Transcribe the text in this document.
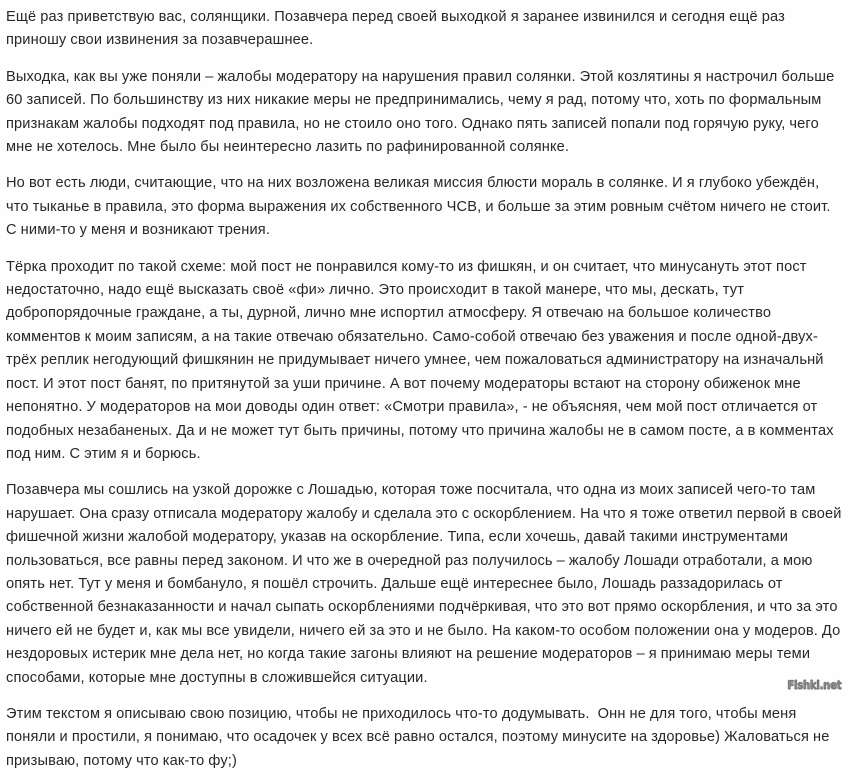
Ещё раз приветствую вас, солянщики. Позавчера перед своей выходкой я заранее извинился и сегодня ещё раз приношу свои извинения за позавчерашнее.

Выходка, как вы уже поняли – жалобы модератору на нарушения правил солянки. Этой козлятины я настрочил больше 60 записей. По большинству из них никакие меры не предпринимались, чему я рад, потому что, хоть по формальным признакам жалобы подходят под правила, но не стоило оно того. Однако пять записей попали под горячую руку, чего мне не хотелось. Мне было бы неинтересно лазить по рафинированной солянке.

Но вот есть люди, считающие, что на них возложена великая миссия блюсти мораль в солянке. И я глубоко убеждён, что тыканье в правила, это форма выражения их собственного ЧСВ, и больше за этим ровным счётом ничего не стоит. С ними-то у меня и возникают трения.

Тёрка проходит по такой схеме: мой пост не понравился кому-то из фишкян, и он считает, что минусануть этот пост недостаточно, надо ещё высказать своё «фи» лично. Это происходит в такой манере, что мы, дескать, тут добропорядочные граждане, а ты, дурной, лично мне испортил атмосферу. Я отвечаю на большое количество комментов к моим записям, а на такие отвечаю обязательно. Само-собой отвечаю без уважения и после одной-двух-трёх реплик негодующий фишкянин не придумывает ничего умнее, чем пожаловаться администратору на изначальнй пост. И этот пост банят, по притянутой за уши причине. А вот почему модераторы встают на сторону обиженок мне непонятно. У модераторов на мои доводы один ответ: «Смотри правила», - не объясняя, чем мой пост отличается от подобных незабаненых. Да и не может тут быть причины, потому что причина жалобы не в самом посте, а в комментах под ним. С этим я и борюсь.

Позавчера мы сошлись на узкой дорожке с Лошадью, которая тоже посчитала, что одна из моих записей чего-то там нарушает. Она сразу отписала модератору жалобу и сделала это с оскорблением. На что я тоже ответил первой в своей фишечной жизни жалобой модератору, указав на оскорбление. Типа, если хочешь, давай такими инструментами пользоваться, все равны перед законом. И что же в очередной раз получилось – жалобу Лошади отработали, а мою опять нет. Тут у меня и бомбануло, я пошёл строчить. Дальше ещё интереснее было, Лошадь раззадорилась от собственной безнаказанности и начал сыпать оскорблениями подчёркивая, что это вот прямо оскорбления, и что за это ничего ей не будет и, как мы все увидели, ничего ей за это и не было. На каком-то особом положении она у модеров. До нездоровых истерик мне дела нет, но когда такие загоны влияют на решение модераторов – я принимаю меры теми способами, которые мне доступны в сложившейся ситуации.

Этим текстом я описываю свою позицию, чтобы не приходилось что-то додумывать.  Онн не для того, чтобы меня поняли и простили, я понимаю, что осадочек у всех всё равно остался, поэтому минусите на здоровье) Жаловаться не призываю, потому что как-то фу;)

Fishki.net
